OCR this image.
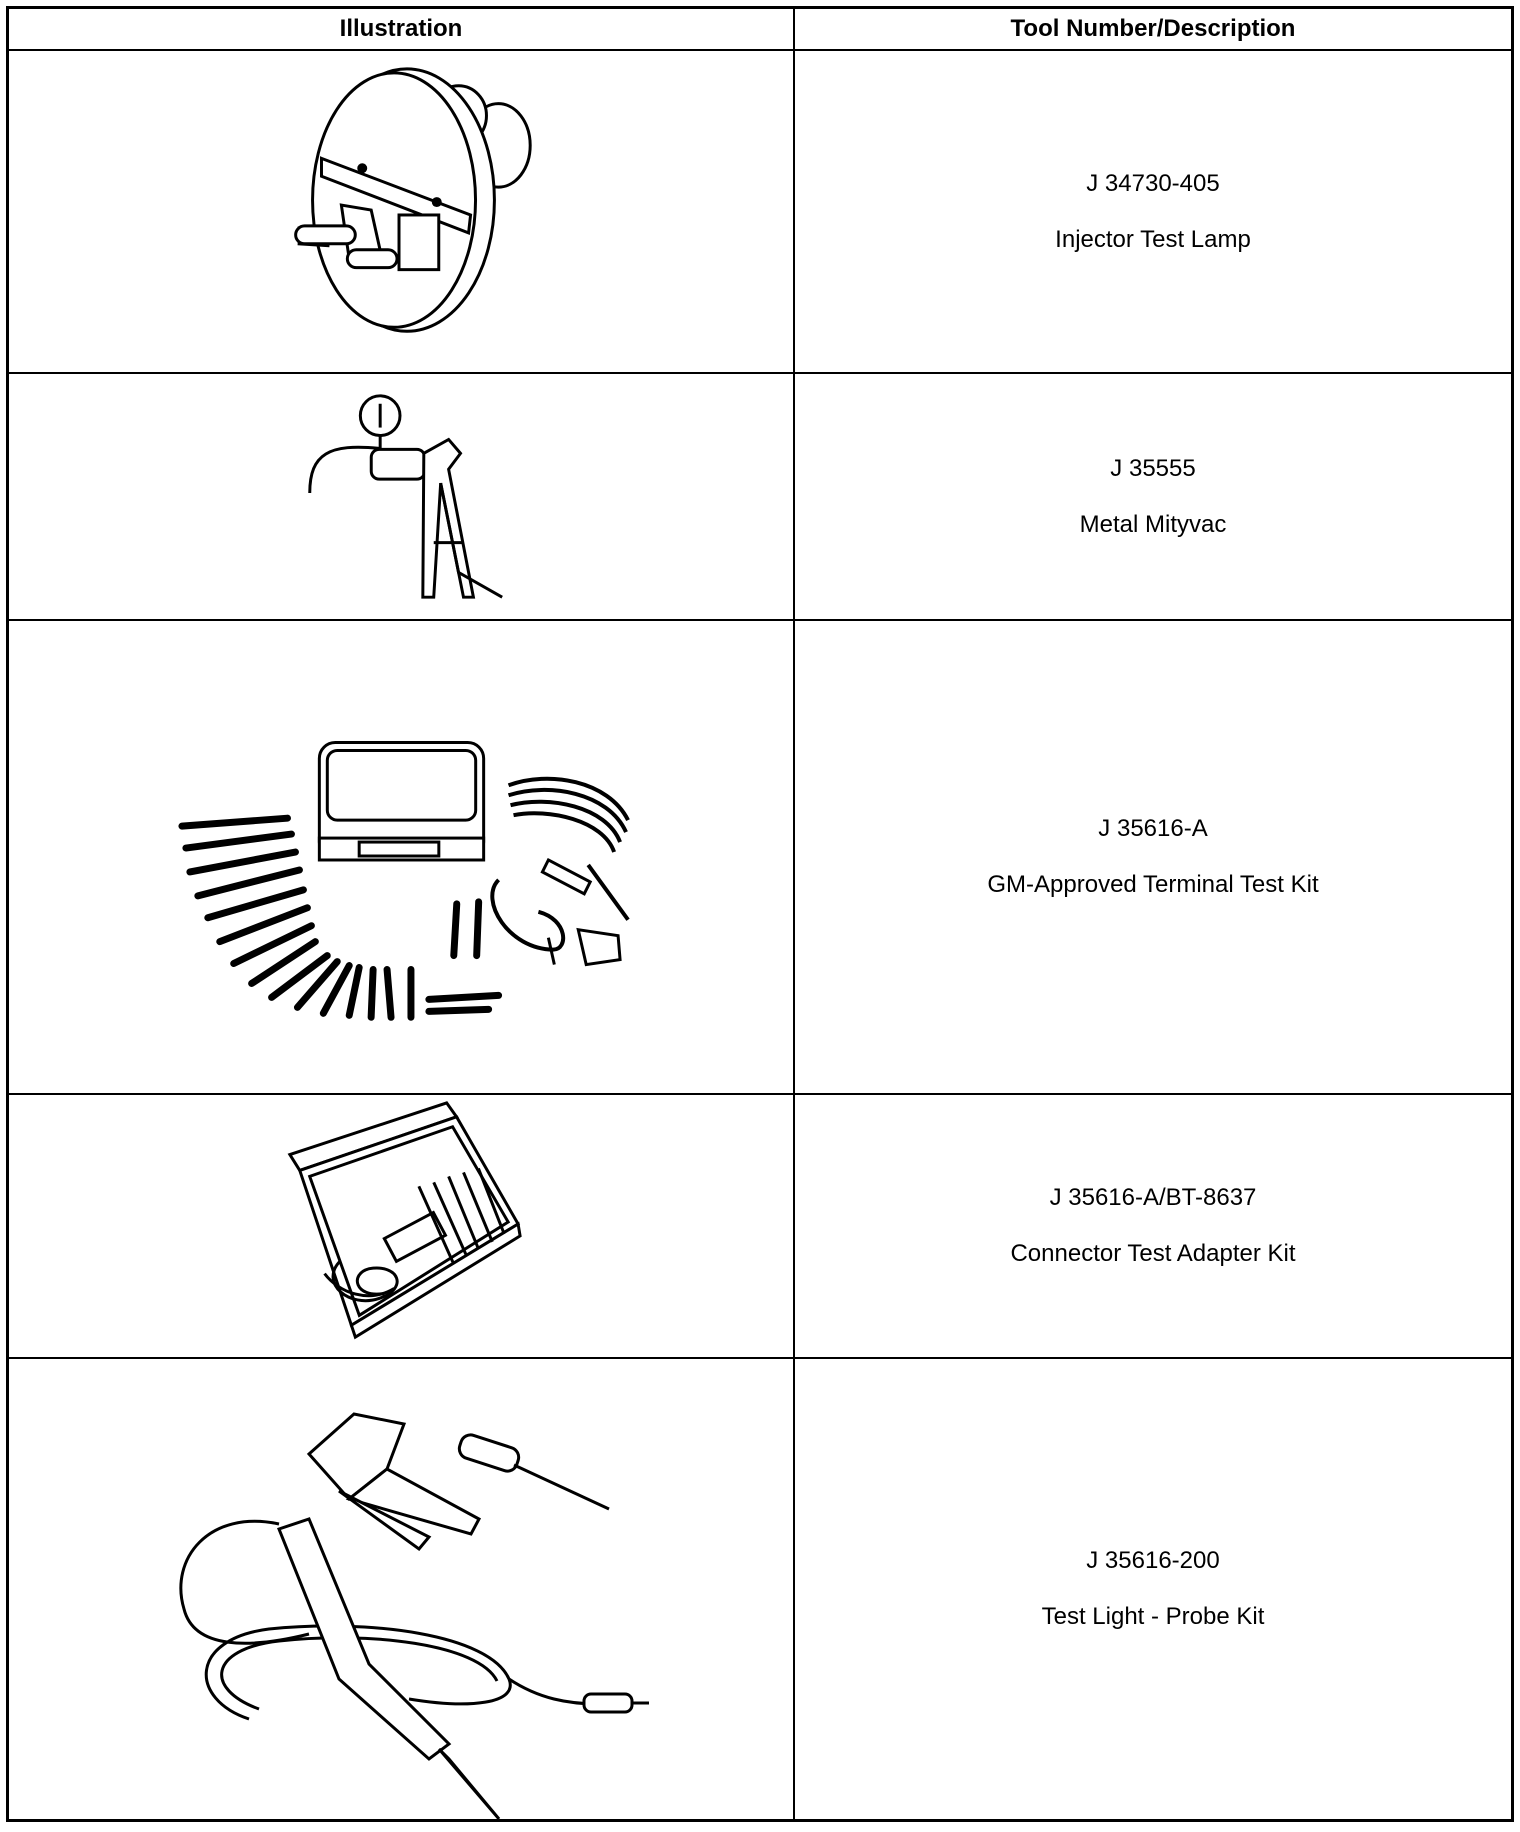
Illustration	Tool Number/Description
J 34730-405
Injector Test Lamp
J 35555
Metal Mityvac
J 35616-A
GM-Approved Terminal Test Kit
J 35616-A/BT-8637
Connector Test Adapter Kit
J 35616-200
Test Light - Probe Kit
